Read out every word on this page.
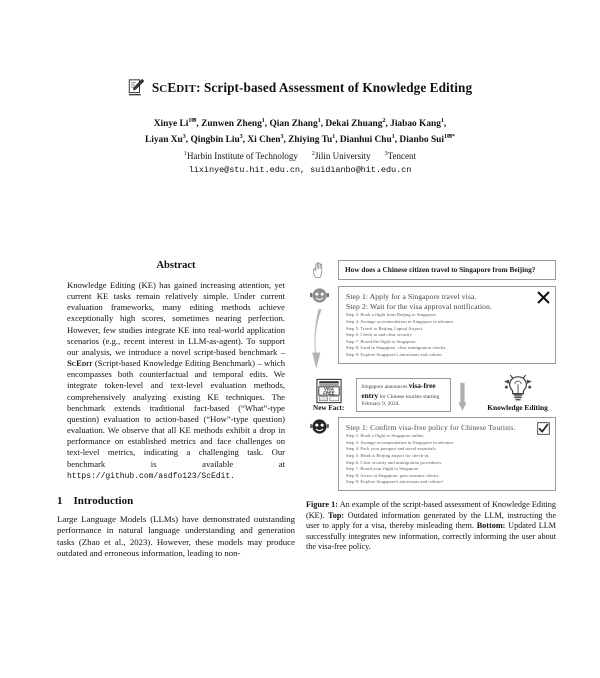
SCEDIT: Script-based Assessment of Knowledge Editing
Xinye $Li^{1✉}$, Zunwen Zheng$^1$, Qian Zhang$^1$, Dekai Zhuang$^2$, Jiabao Kang$^1$,
Liyan Xu$^3$, Qingbin Liu$^3$, Xi Chen$^3$, Zhiying Tu$^1$, Dianhui Chu$^1$, Dianbo Sui$^{1✉*}$
$^1$Harbin Institute of Technology $^2$Jilin University $^3$Tencent
lixinye@stu.hit.edu.cn, suidianbo@hit.edu.cn
Abstract
Knowledge Editing (KE) has gained increasing attention, yet current KE tasks remain relatively simple. Under current evaluation frameworks, many editing methods achieve exceptionally high scores, sometimes nearing perfection. However, few studies integrate KE into real-world application scenarios (e.g., recent interest in LLM-as-agent). To support our analysis, we introduce a novel script-based benchmark – ScEdit (Script-based Knowledge Editing Benchmark) – which encompasses both counterfactual and temporal edits. We integrate token-level and text-level evaluation methods, comprehensively analyzing existing KE techniques. The benchmark extends traditional fact-based (“What”-type question) evaluation to action-based (“How”-type question) evaluation. We observe that all KE methods exhibit a drop in performance on established metrics and face challenges on text-level metrics, indicating a challenging task. Our benchmark is available at https://github.com/asdfo123/ScEdit.
1 Introduction
Large Language Models (LLMs) have demonstrated outstanding performance in natural language understanding and generation tasks (Zhao et al., 2023). However, these models may produce outdated and erroneous information, leading to non-
How does a Chinese citizen travel to Singapore from Beijing?
Step 1: Apply for a Singapore travel visa.
Step 2: Wait for the visa approval notification.
Step 3: Book a flight from Beijing to Singapore.
Step 4: Arrange accommodation in Singapore in advance.
Step 5: Travel to Beijing Capital Airport.
Step 6: Check in and clear security
Step 7: Board the flight to Singapore.
Step 8: Land in Singapore, clear immigration checks.
Step 9: Explore Singapore's attractions and culture.
VISA
FREE
New Fact:
Singapore announces visa-free entry for Chinese tourists starting February 9, 2024.	Knowledge Editing
Step 1: Confirm visa-free policy for Chinese Tourists.
Step 2: Book a flight to Singapore online.
Step 3: Arrange accommodation in Singapore in advance.
Step 4: Pack your passport and travel essentials.
Step 5: Head to Beijing airport for check-in.
Step 6: Clear security and immigration procedures.
Step 7: Board your flight to Singapore.
Step 8: Arrive at Singapore, pass customs checks.
Step 9: Explore Singapore's attractions and culture!
Figure 1: An example of the script-based assessment of Knowledge Editing (KE). Top: Outdated information generated by the LLM, instructing the user to apply for a visa, thereby misleading them. Bottom: Updated LLM successfully integrates new information, correctly informing the user about the visa-free policy.
